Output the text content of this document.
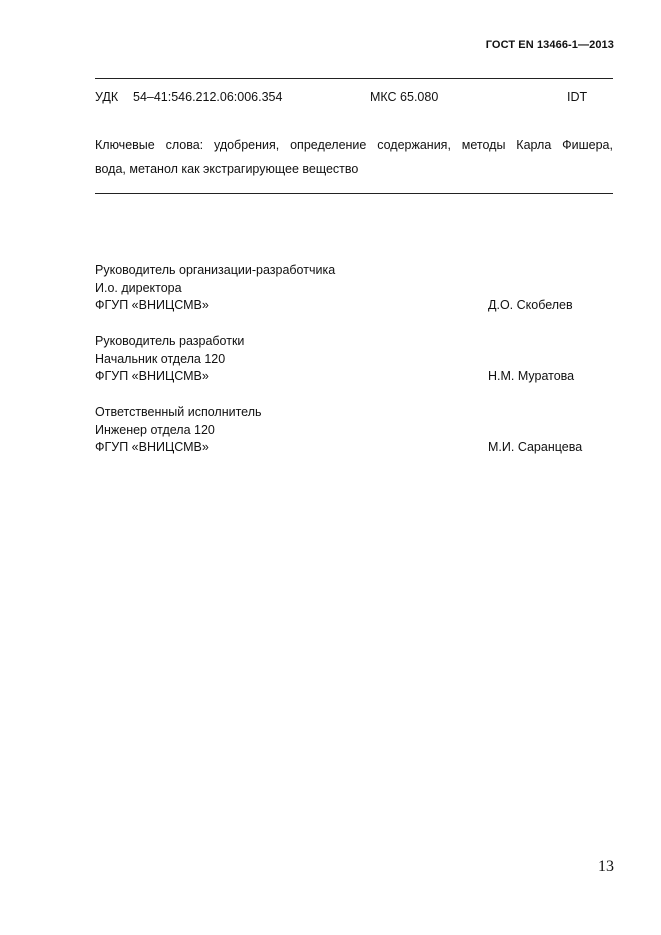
ГОСТ EN 13466-1—2013
УДК 54–41:546.212.06:006.354	МКС 65.080	IDT
Ключевые слова: удобрения, определение содержания, методы Карла Фишера,
вода, метанол как экстрагирующее вещество
Руководитель организации-разработчика
И.о. директора
ФГУП «ВНИЦСМВ»	Д.О. Скобелев
Руководитель разработки
Начальник отдела 120
ФГУП «ВНИЦСМВ»	Н.М. Муратова
Ответственный исполнитель
Инженер отдела 120
ФГУП «ВНИЦСМВ»	М.И. Саранцева
13
